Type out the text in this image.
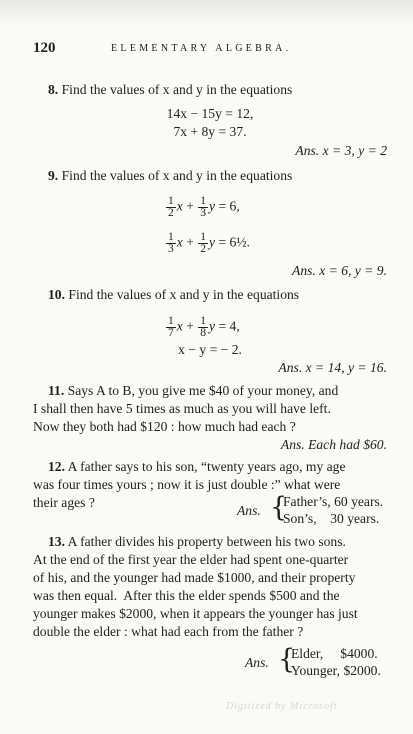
120	ELEMENTARY ALGEBRA.
8. Find the values of x and y in the equations
14x − 15y = 12,
7x + 8y = 37.
Ans. x = 3, y = 2
9. Find the values of x and y in the equations
$\frac{1}{2}$ $x + \frac{1}{3}$ y = 6,
$\frac{1}{3}$ $x + \frac{1}{2}$ y = 6½.
Ans. x = 6, y = 9.
10. Find the values of x and y in the equations
$\frac{1}{7}$ $x + \frac{1}{8}$ y = 4,
x − y = − 2.
Ans. x = 14, y = 16.
11. Says A to B, you give me $40 of your money, and
I shall then have 5 times as much as you will have left.
Now they both had $120 : how much had each ?
Ans. Each had $60.
12. A father says to his son, “twenty years ago, my age
was four times yours ; now it is just double :” what were
their ages ?
Ans. {
Father’s, 60 years.
Son’s,    30 years.
13. A father divides his property between his two sons.
At the end of the first year the elder had spent one-quarter
of his, and the younger had made $1000, and their property
was then equal.  After this the elder spends $500 and the
younger makes $2000, when it appears the younger has just
double the elder : what had each from the father ?
Ans. {
Elder,     $4000.
Younger, $2000.
Digitized by Microsoft
